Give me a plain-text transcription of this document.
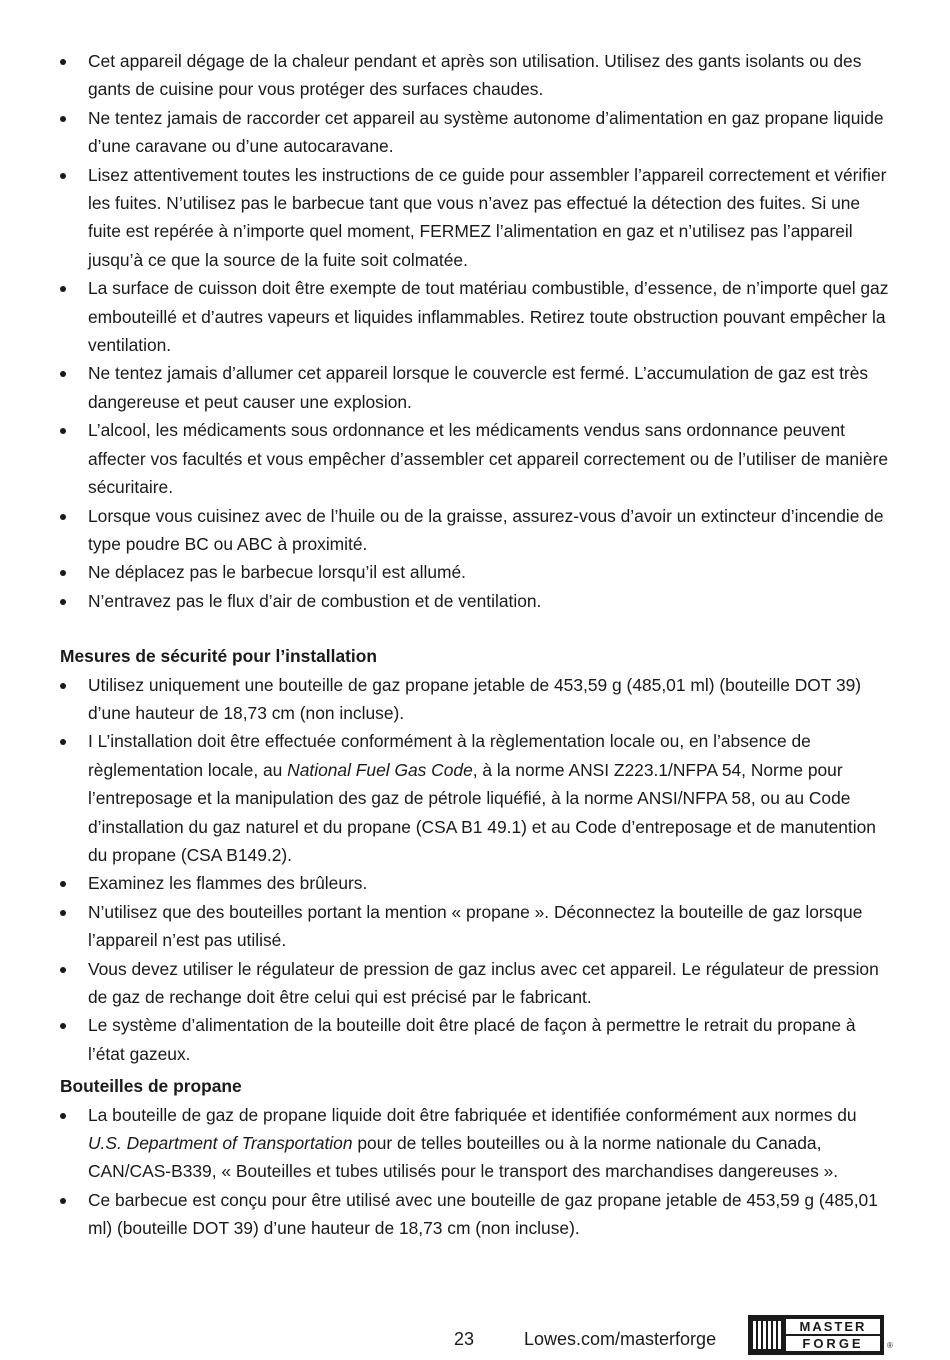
Cet appareil dégage de la chaleur pendant et après son utilisation. Utilisez des gants isolants ou des gants de cuisine pour vous protéger des surfaces chaudes.
Ne tentez jamais de raccorder cet appareil au système autonome d’alimentation en gaz propane liquide d’une caravane ou d’une autocaravane.
Lisez attentivement toutes les instructions de ce guide pour assembler l’appareil correctement et vérifier les fuites. N’utilisez pas le barbecue tant que vous n’avez pas effectué la détection des fuites. Si une fuite est repérée à n’importe quel moment, FERMEZ l’alimentation en gaz et n’utilisez pas l’appareil jusqu’à ce que la source de la fuite soit colmatée.
La surface de cuisson doit être exempte de tout matériau combustible, d’essence, de n’importe quel gaz embouteillé et d’autres vapeurs et liquides inflammables. Retirez toute obstruction pouvant empêcher la ventilation.
Ne tentez jamais d’allumer cet appareil lorsque le couvercle est fermé. L’accumulation de gaz est très dangereuse et peut causer une explosion.
L’alcool, les médicaments sous ordonnance et les médicaments vendus sans ordonnance peuvent affecter vos facultés et vous empêcher d’assembler cet appareil correctement ou de l’utiliser de manière sécuritaire.
Lorsque vous cuisinez avec de l’huile ou de la graisse, assurez-vous d’avoir un extincteur d’incendie de type poudre BC ou ABC à proximité.
Ne déplacez pas le barbecue lorsqu’il est allumé.
N’entravez pas le flux d’air de combustion et de ventilation.
Mesures de sécurité pour l’installation
Utilisez uniquement une bouteille de gaz propane jetable de 453,59 g (485,01 ml) (bouteille DOT 39) d’une hauteur de 18,73 cm (non incluse).
I L’installation doit être effectuée conformément à la règlementation locale ou, en l’absence de règlementation locale, au National Fuel Gas Code, à la norme ANSI Z223.1/NFPA 54, Norme pour l’entreposage et la manipulation des gaz de pétrole liquéfié, à la norme ANSI/NFPA 58, ou au Code d’installation du gaz naturel et du propane (CSA B1 49.1) et au Code d’entreposage et de manutention du propane (CSA B149.2).
Examinez les flammes des brûleurs.
N’utilisez que des bouteilles portant la mention « propane ». Déconnectez la bouteille de gaz lorsque l’appareil n’est pas utilisé.
Vous devez utiliser le régulateur de pression de gaz inclus avec cet appareil. Le régulateur de pression de gaz de rechange doit être celui qui est précisé par le fabricant.
Le système d’alimentation de la bouteille doit être placé de façon à permettre le retrait du propane à l’état gazeux.
Bouteilles de propane
La bouteille de gaz de propane liquide doit être fabriquée et identifiée conformément aux normes du U.S. Department of Transportation pour de telles bouteilles ou à la norme nationale du Canada, CAN/CAS-B339, « Bouteilles et tubes utilisés pour le transport des marchandises dangereuses ».
Ce barbecue est conçu pour être utilisé avec une bouteille de gaz propane jetable de 453,59 g (485,01 ml) (bouteille DOT 39) d’une hauteur de 18,73 cm (non incluse).
23	Lowes.com/masterforge
MASTER
FORGE	®
